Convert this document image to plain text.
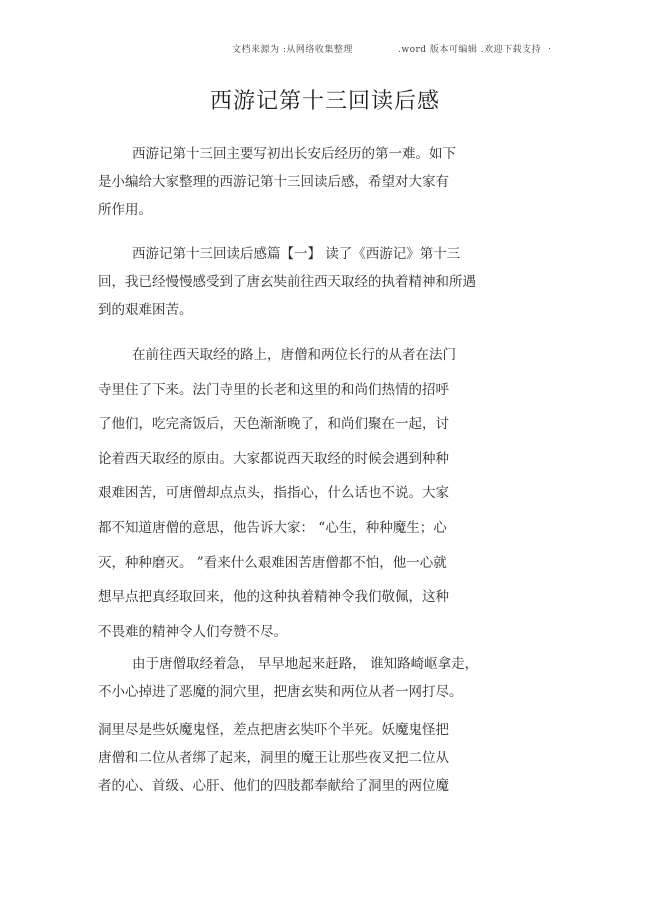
文档来源为 :从网络收集整理	.word 版本可编辑 .欢迎下载支持 .
西游记第十三回读后感
西游记第十三回主要写初出长安后经历的第一难。如下
是小编给大家整理的西游记第十三回读后感，希望对大家有
所作用。
西游记第十三回读后感篇【一】 读了《西游记》第十三
回，我已经慢慢感受到了唐玄奘前往西天取经的执着精神和所遇
到的艰难困苦。
在前往西天取经的路上，唐僧和两位长行的从者在法门
寺里住了下来。法门寺里的长老和这里的和尚们热情的招呼
了他们，吃完斋饭后，天色渐渐晚了，和尚们聚在一起，讨
论着西天取经的原由。大家都说西天取经的时候会遇到种种
艰难困苦，可唐僧却点点头，指指心，什么话也不说。大家
都不知道唐僧的意思，他告诉大家： “心生，种种魔生；心
灭，种种磨灭。 ”看来什么艰难困苦唐僧都不怕，他一心就
想早点把真经取回来，他的这种执着精神令我们敬佩，这种
不畏难的精神令人们夸赞不尽。
由于唐僧取经着急， 早早地起来赶路， 谁知路崎岖拿走，
不小心掉进了恶魔的洞穴里，把唐玄奘和两位从者一网打尽。
洞里尽是些妖魔鬼怪，差点把唐玄奘吓个半死。妖魔鬼怪把
唐僧和二位从者绑了起来，洞里的魔王让那些夜叉把二位从
者的心、首级、心肝、他们的四肢都奉献给了洞里的两位魔
